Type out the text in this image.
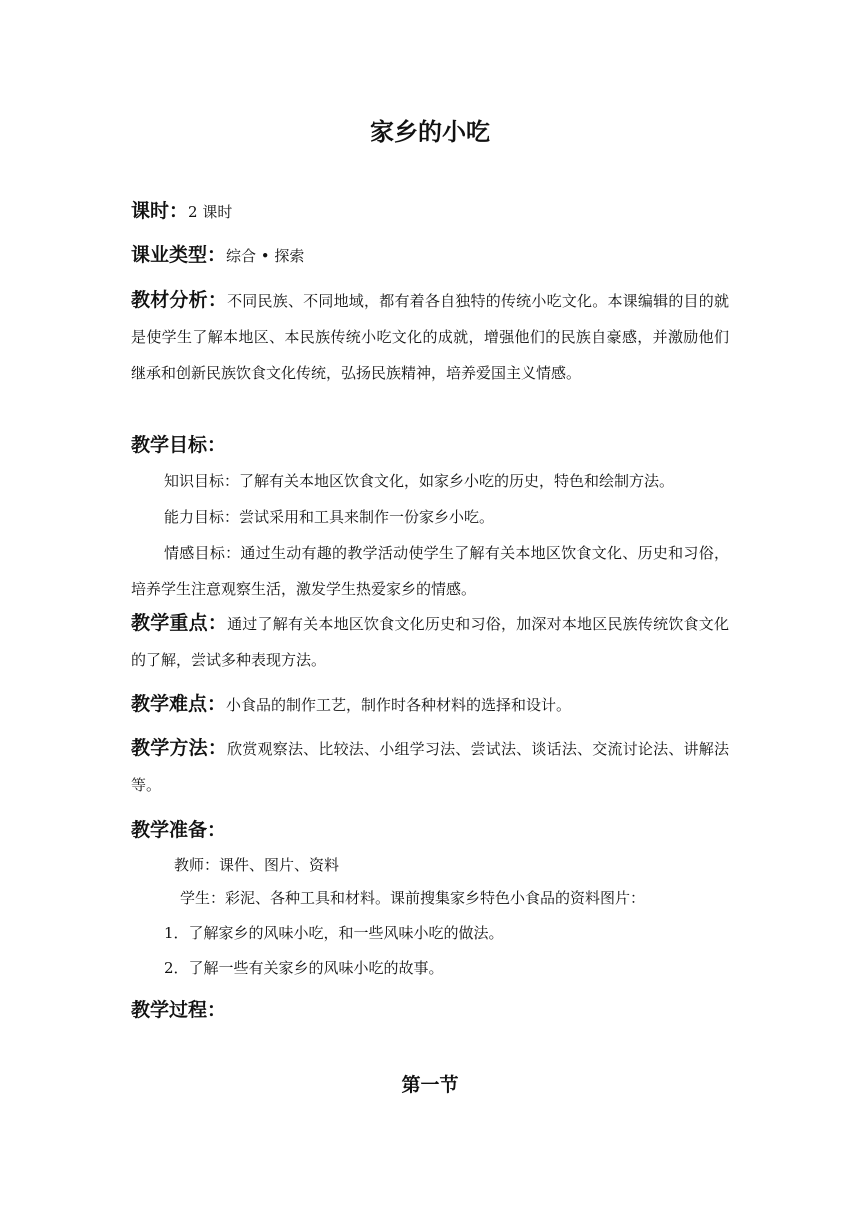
家乡的小吃
课时：2 课时
课业类型：综合 • 探索
教材分析：不同民族、不同地域，都有着各自独特的传统小吃文化。本课编辑的目的就是使学生了解本地区、本民族传统小吃文化的成就，增强他们的民族自豪感，并激励他们继承和创新民族饮食文化传统，弘扬民族精神，培养爱国主义情感。
教学目标：
知识目标：了解有关本地区饮食文化，如家乡小吃的历史，特色和绘制方法。
能力目标：尝试采用和工具来制作一份家乡小吃。
情感目标：通过生动有趣的教学活动使学生了解有关本地区饮食文化、历史和习俗，培养学生注意观察生活，激发学生热爱家乡的情感。
教学重点：通过了解有关本地区饮食文化历史和习俗，加深对本地区民族传统饮食文化的了解，尝试多种表现方法。
教学难点：小食品的制作工艺，制作时各种材料的选择和设计。
教学方法：欣赏观察法、比较法、小组学习法、尝试法、谈话法、交流讨论法、讲解法等。
教学准备：
教师：课件、图片、资料
学生：彩泥、各种工具和材料。课前搜集家乡特色小食品的资料图片：
1．了解家乡的风味小吃，和一些风味小吃的做法。
2．了解一些有关家乡的风味小吃的故事。
教学过程：
第一节
